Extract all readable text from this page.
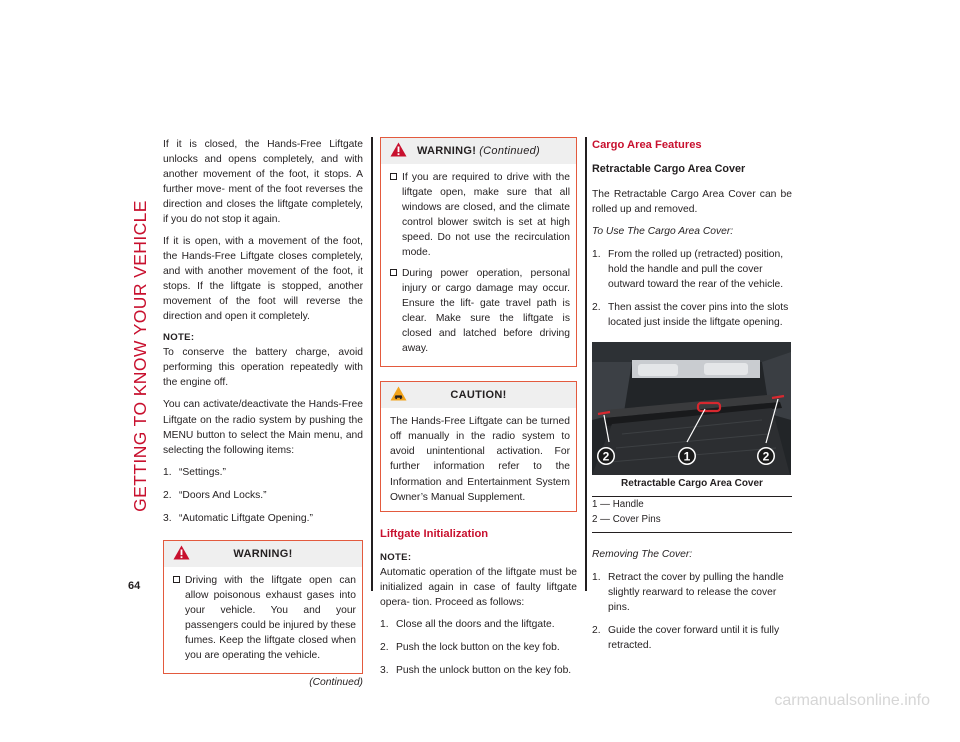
GETTING TO KNOW YOUR VEHICLE
64

If it is closed, the Hands-Free Liftgate unlocks and opens completely, and with another movement of the foot, it stops. A further move- ment of the foot reverses the direction and closes the liftgate completely, if you do not stop it again.

If it is open, with a movement of the foot, the Hands-Free Liftgate closes completely, and with another movement of the foot, it stops. If the liftgate is stopped, another movement of the foot will reverse the direction and open it completely.

NOTE:

To conserve the battery charge, avoid performing this operation repeatedly with the engine off.

You can activate/deactivate the Hands-Free Liftgate on the radio system by pushing the MENU button to select the Main menu, and selecting the following items:

1. “Settings.”
2. “Doors And Locks.”
3. “Automatic Liftgate Opening.”
WARNING!
Driving with the liftgate open can allow poisonous exhaust gases into your vehicle. You and your passengers could be injured by these fumes. Keep the liftgate closed when you are operating the vehicle.
(Continued)
WARNING! (Continued)
If you are required to drive with the liftgate open, make sure that all windows are closed, and the climate control blower switch is set at high speed. Do not use the recirculation mode.
During power operation, personal injury or cargo damage may occur. Ensure the lift- gate travel path is clear. Make sure the liftgate is closed and latched before driving away.
CAUTION!

The Hands-Free Liftgate can be turned off manually in the radio system to avoid unintentional activation. For further information refer to the Information and Entertainment System Owner’s Manual Supplement.

Liftgate Initialization

NOTE:

Automatic operation of the liftgate must be initialized again in case of faulty liftgate opera- tion. Proceed as follows:

1. Close all the doors and the liftgate.
2. Push the lock button on the key fob.
3. Push the unlock button on the key fob.
Cargo Area Features
Retractable Cargo Area Cover

The Retractable Cargo Area Cover can be rolled up and removed.

To Use The Cargo Area Cover:
1. From the rolled up (retracted) position, hold the handle and pull the cover outward toward the rear of the vehicle.
2. Then assist the cover pins into the slots located just inside the liftgate opening.
2	1	2
Retractable Cargo Area Cover
1 — Handle
2 — Cover Pins
Removing The Cover:
1. Retract the cover by pulling the handle slightly rearward to release the cover pins.
2. Guide the cover forward until it is fully retracted.
carmanualsonline.info
